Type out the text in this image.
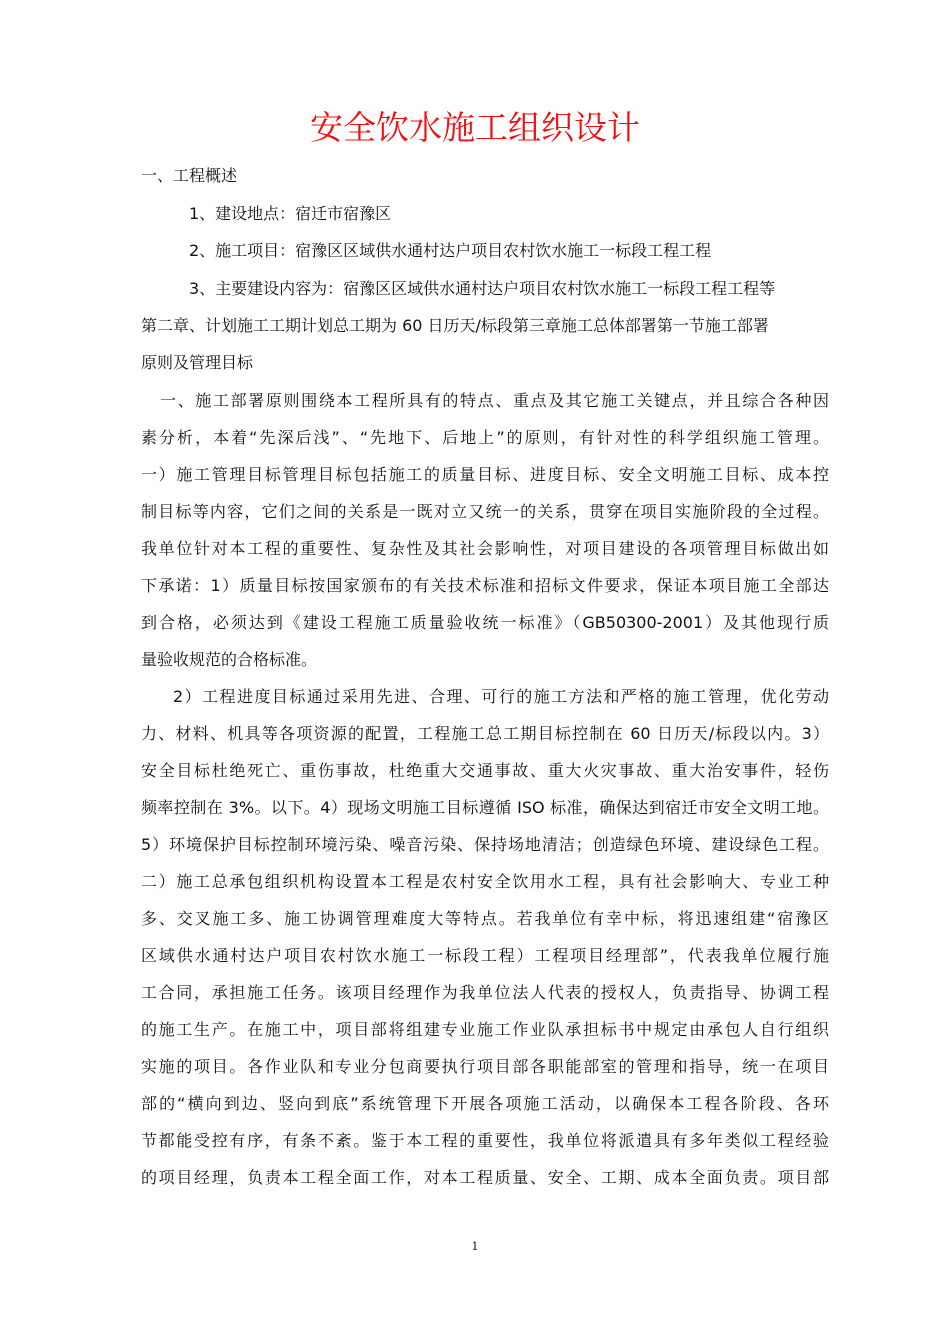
安全饮水施工组织设计
一、工程概述
1、建设地点：宿迁市宿豫区
2、施工项目：宿豫区区域供水通村达户项目农村饮水施工一标段工程工程
3、主要建设内容为：宿豫区区域供水通村达户项目农村饮水施工一标段工程工程等
第二章、计划施工工期计划总工期为 60 日历天/标段第三章施工总体部署第一节施工部署
原则及管理目标
一、施工部署原则围绕本工程所具有的特点、重点及其它施工关键点，并且综合各种因
素分析，本着“先深后浅”、“先地下、后地上”的原则，有针对性的科学组织施工管理。
一）施工管理目标管理目标包括施工的质量目标、进度目标、安全文明施工目标、成本控
制目标等内容，它们之间的关系是一既对立又统一的关系，贯穿在项目实施阶段的全过程。
我单位针对本工程的重要性、复杂性及其社会影响性，对项目建设的各项管理目标做出如
下承诺：1）质量目标按国家颁布的有关技术标准和招标文件要求，保证本项目施工全部达
到合格，必须达到《建设工程施工质量验收统一标准》（GB50300-2001）及其他现行质
量验收规范的合格标准。
2）工程进度目标通过采用先进、合理、可行的施工方法和严格的施工管理，优化劳动
力、材料、机具等各项资源的配置，工程施工总工期目标控制在 60 日历天/标段以内。3）
安全目标杜绝死亡、重伤事故，杜绝重大交通事故、重大火灾事故、重大治安事件，轻伤
频率控制在 3%。以下。4）现场文明施工目标遵循 ISO 标准，确保达到宿迁市安全文明工地。
5）环境保护目标控制环境污染、噪音污染、保持场地清洁；创造绿色环境、建设绿色工程。
二）施工总承包组织机构设置本工程是农村安全饮用水工程，具有社会影响大、专业工种
多、交叉施工多、施工协调管理难度大等特点。若我单位有幸中标，将迅速组建“宿豫区
区域供水通村达户项目农村饮水施工一标段工程）工程项目经理部”，代表我单位履行施
工合同，承担施工任务。该项目经理作为我单位法人代表的授权人，负责指导、协调工程
的施工生产。在施工中，项目部将组建专业施工作业队承担标书中规定由承包人自行组织
实施的项目。各作业队和专业分包商要执行项目部各职能部室的管理和指导，统一在项目
部的“横向到边、竖向到底”系统管理下开展各项施工活动，以确保本工程各阶段、各环
节都能受控有序，有条不紊。鉴于本工程的重要性，我单位将派遣具有多年类似工程经验
的项目经理，负责本工程全面工作，对本工程质量、安全、工期、成本全面负责。项目部
1
